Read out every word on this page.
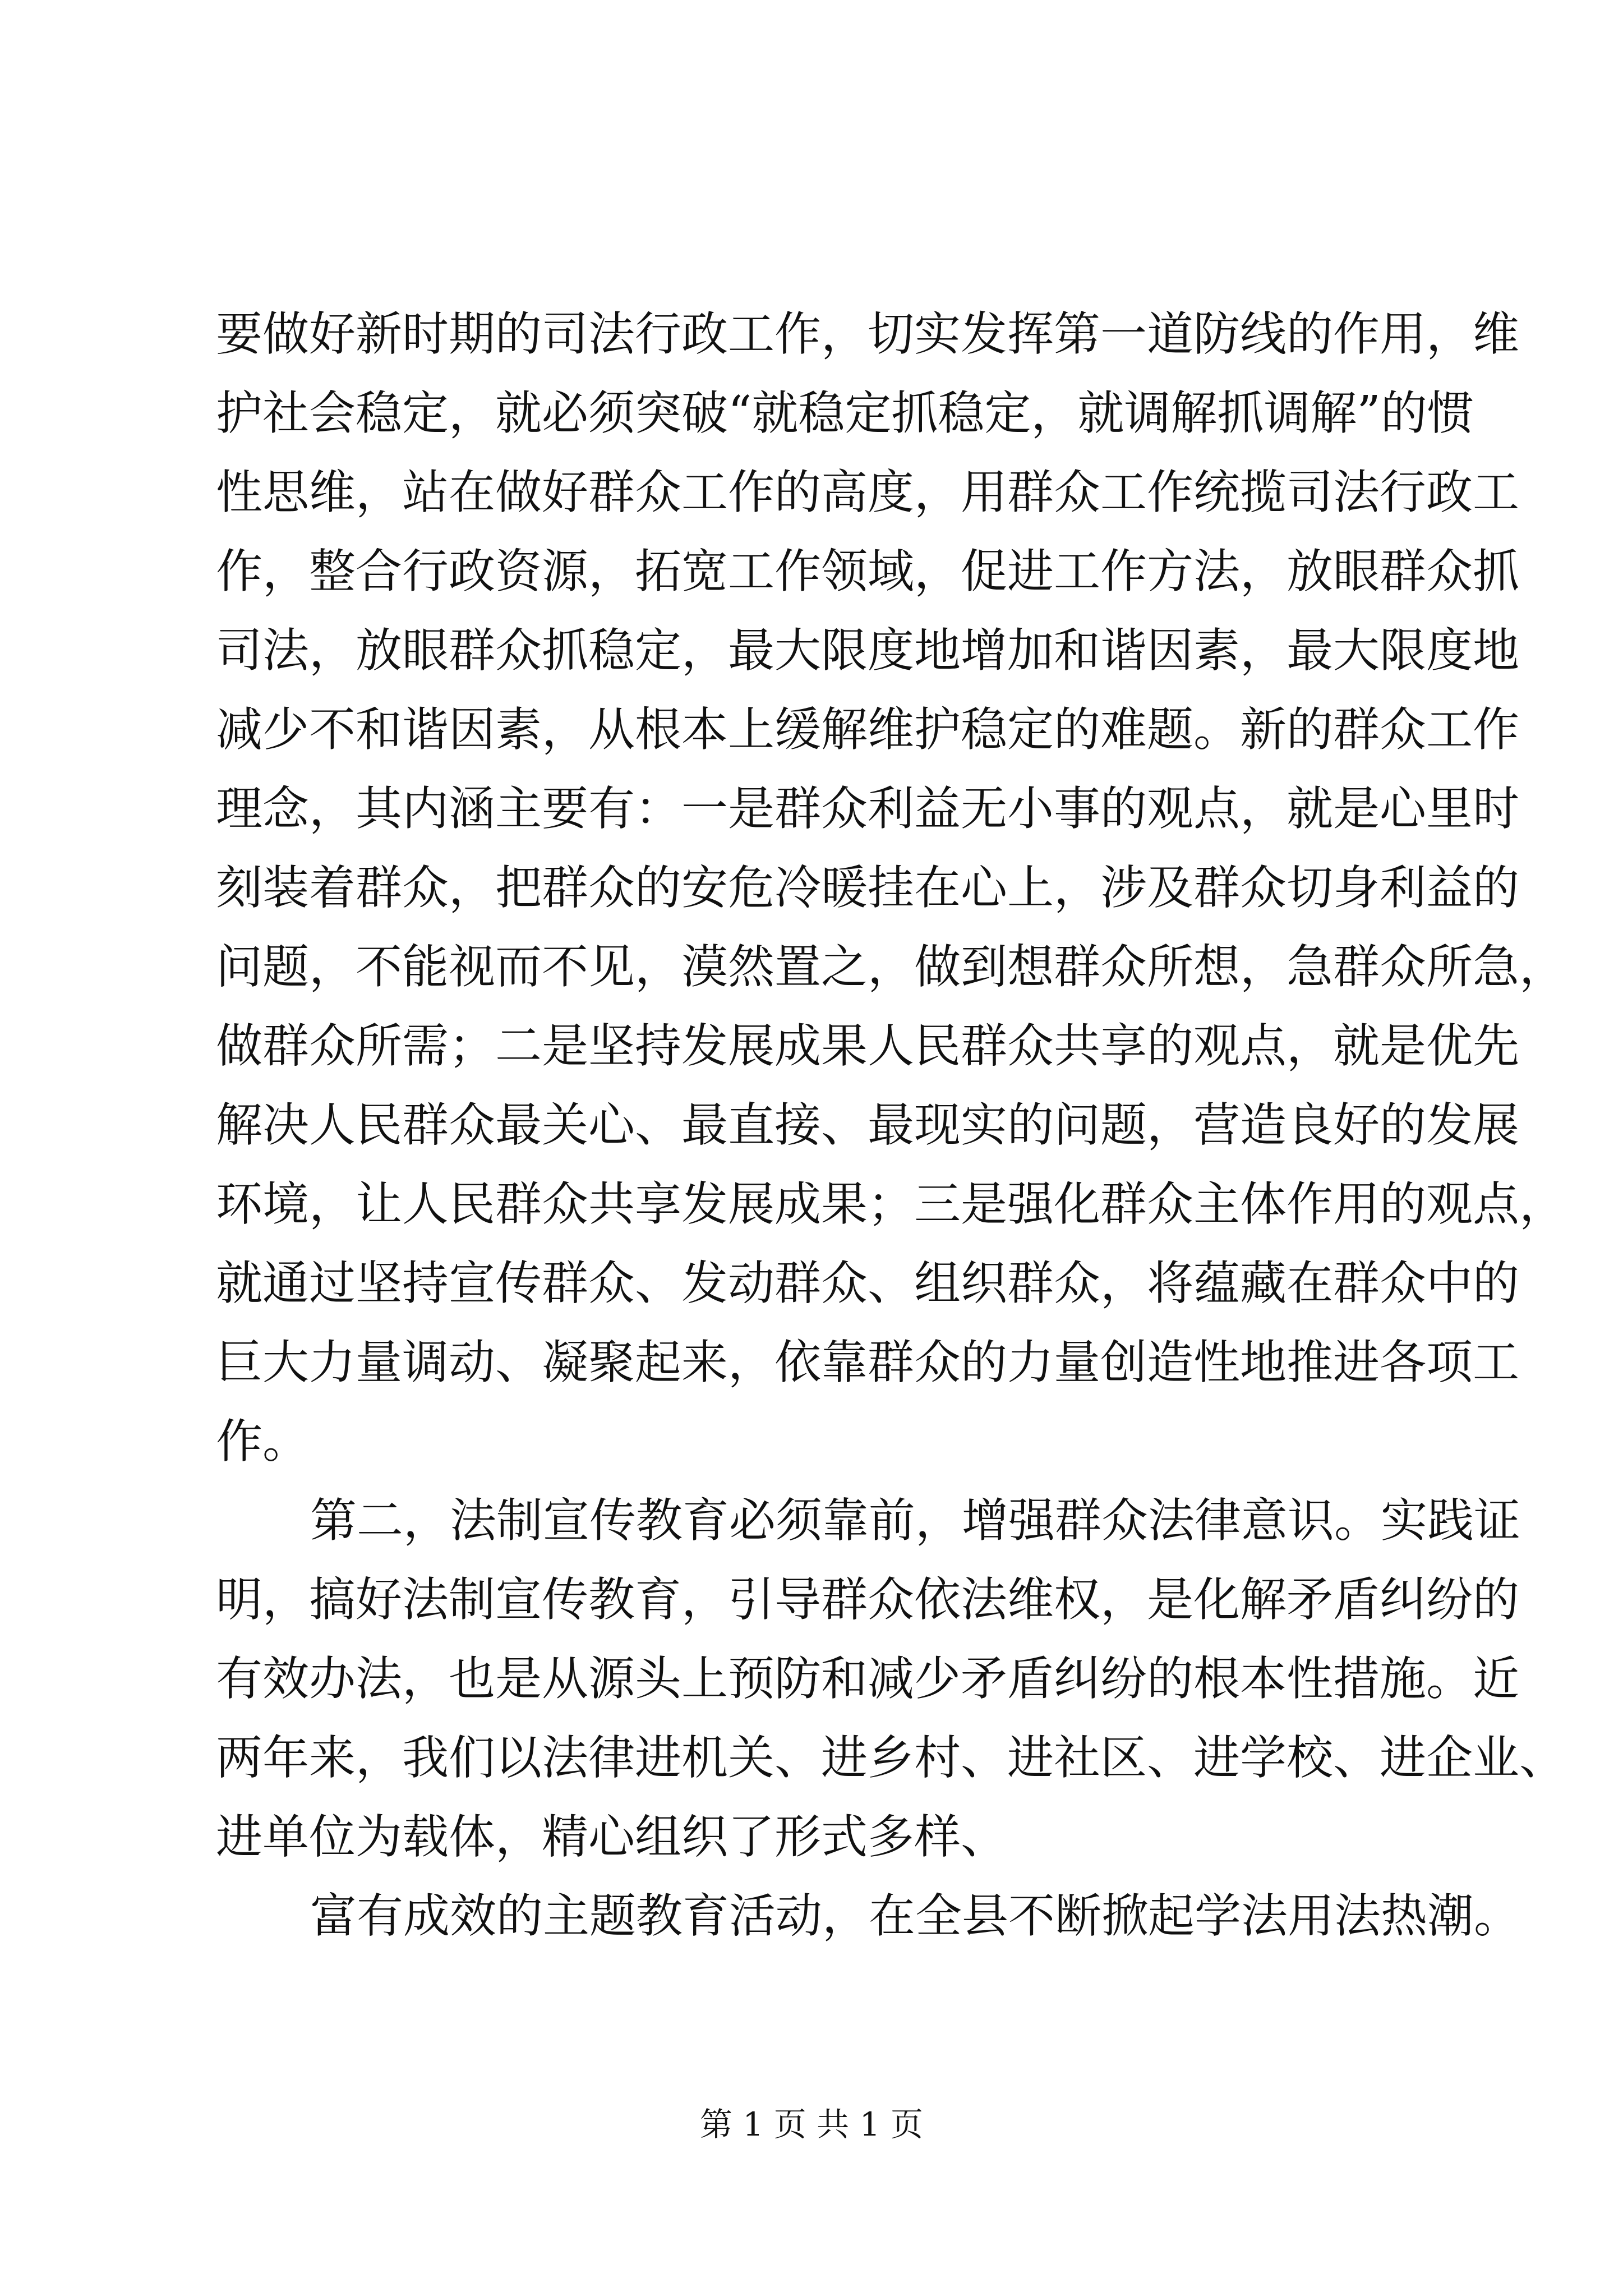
要做好新时期的司法行政工作，切实发挥第一道防线的作用，维
护社会稳定，就必须突破“就稳定抓稳定，就调解抓调解”的惯
性思维，站在做好群众工作的高度，用群众工作统揽司法行政工
作，整合行政资源，拓宽工作领域，促进工作方法，放眼群众抓
司法，放眼群众抓稳定，最大限度地增加和谐因素，最大限度地
减少不和谐因素，从根本上缓解维护稳定的难题。新的群众工作
理念，其内涵主要有：一是群众利益无小事的观点，就是心里时
刻装着群众，把群众的安危冷暖挂在心上，涉及群众切身利益的
问题，不能视而不见，漠然置之，做到想群众所想，急群众所急，
做群众所需；二是坚持发展成果人民群众共享的观点，就是优先
解决人民群众最关心、最直接、最现实的问题，营造良好的发展
环境，让人民群众共享发展成果；三是强化群众主体作用的观点，
就通过坚持宣传群众、发动群众、组织群众，将蕴藏在群众中的
巨大力量调动、凝聚起来，依靠群众的力量创造性地推进各项工
作。
第二，法制宣传教育必须靠前，增强群众法律意识。实践证
明，搞好法制宣传教育，引导群众依法维权，是化解矛盾纠纷的
有效办法，也是从源头上预防和减少矛盾纠纷的根本性措施。近
两年来，我们以法律进机关、进乡村、进社区、进学校、进企业、
进单位为载体，精心组织了形式多样、
富有成效的主题教育活动，在全县不断掀起学法用法热潮。
第 1 页 共 1 页
